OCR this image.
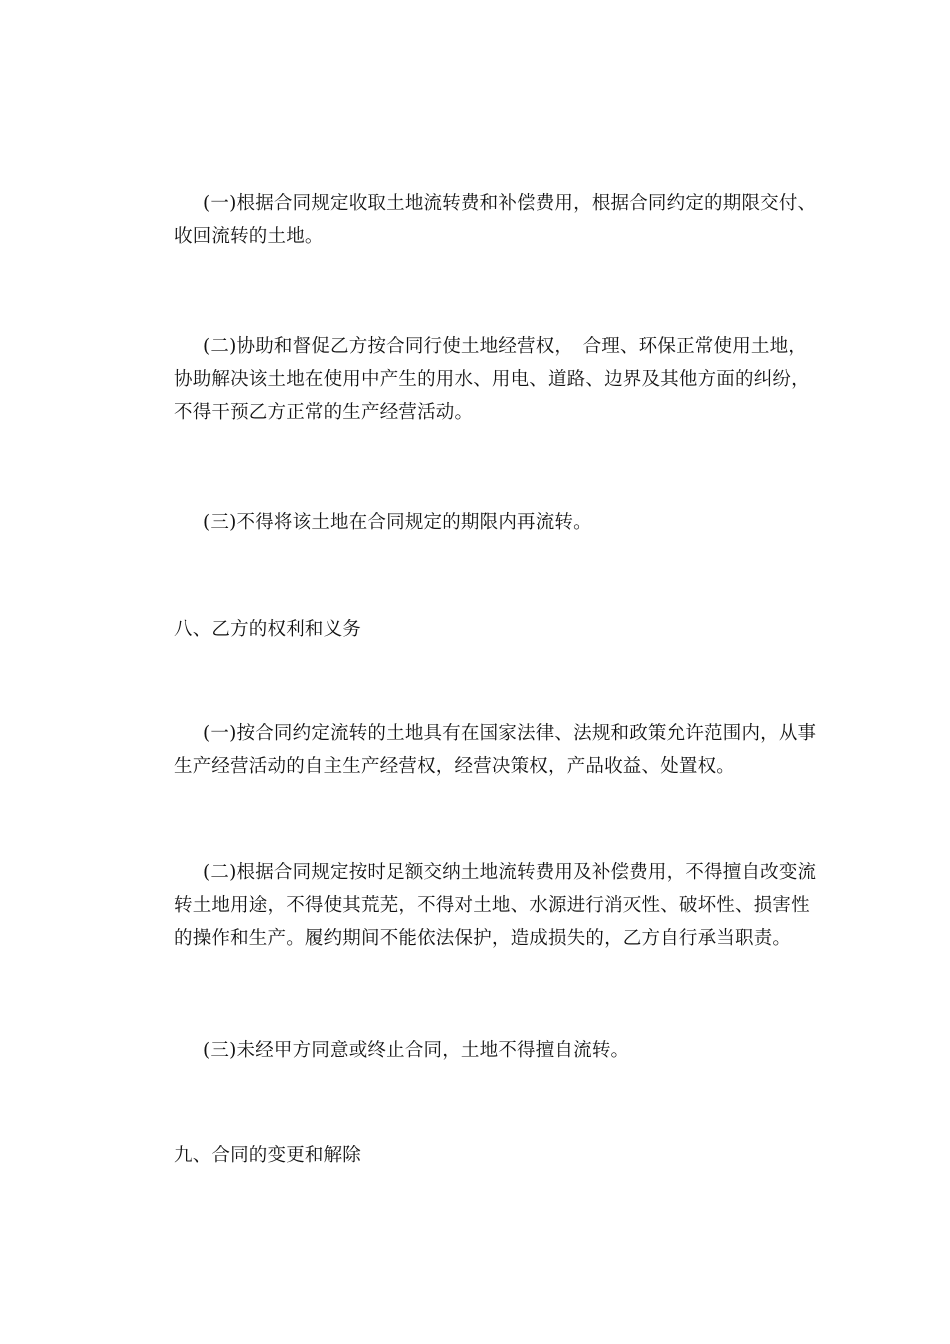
(一)根据合同规定收取土地流转费和补偿费用，根据合同约定的期限交付、
收回流转的土地。
(二)协助和督促乙方按合同行使土地经营权，　合理、环保正常使用土地，
协助解决该土地在使用中产生的用水、用电、道路、边界及其他方面的纠纷，
不得干预乙方正常的生产经营活动。
(三)不得将该土地在合同规定的期限内再流转。
八、乙方的权利和义务
(一)按合同约定流转的土地具有在国家法律、法规和政策允许范围内，从事
生产经营活动的自主生产经营权，经营决策权，产品收益、处置权。
(二)根据合同规定按时足额交纳土地流转费用及补偿费用，不得擅自改变流
转土地用途，不得使其荒芜，不得对土地、水源进行消灭性、破坏性、损害性
的操作和生产。履约期间不能依法保护，造成损失的，乙方自行承当职责。
(三)未经甲方同意或终止合同，土地不得擅自流转。
九、合同的变更和解除
